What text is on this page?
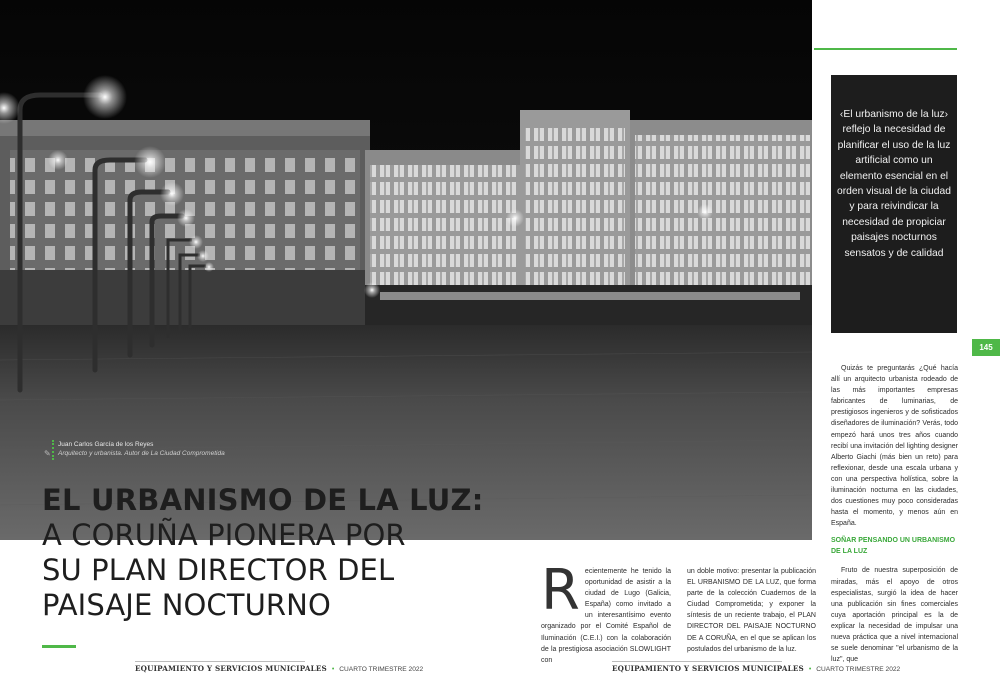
✎
Juan Carlos García de los Reyes
Arquitecto y urbanista. Autor de La Ciudad Comprometida
EL URBANISMO DE LA LUZ:
A CORUÑA PIONERA POR
SU PLAN DIRECTOR DEL
PAISAJE NOCTURNO	R ecientemente he tenido la oportunidad de asistir a la ciudad de Lugo (Galicia, España) como invitado a un interesantísimo evento organizado por el Comité Español de Iluminación (C.E.I.) con la colaboración de la prestigiosa asociación SLOWLIGHT con
un doble motivo: presentar la publicación EL URBANISMO DE LA LUZ, que forma parte de la colección Cuadernos de la Ciudad Comprometida; y exponer la síntesis de un reciente trabajo, el PLAN DIRECTOR DEL PAISAJE NOCTURNO DE A CORUÑA, en el que se aplican los postulados del urbanismo de la luz.
Quizás te preguntarás ¿Qué hacía allí un arquitecto urbanista rodeado de las más importantes empresas fabricantes de luminarias, de prestigiosos ingenieros y de sofisticados diseñadores de iluminación? Verás, todo empezó hará unos tres años cuando recibí una invitación del lighting designer Alberto Giachi (más bien un reto) para reflexionar, desde una escala urbana y con una perspectiva holística, sobre la iluminación nocturna en las ciudades, dos cuestiones muy poco consideradas hasta el momento, y menos aún en España.
SOÑAR PENSANDO UN URBANISMO DE LA LUZ
Fruto de nuestra superposición de miradas, más el apoyo de otros especialistas, surgió la idea de hacer una publicación sin fines comerciales cuya aportación principal es la de explicar la necesidad de impulsar una nueva práctica que a nivel internacional se suele denominar "el urbanismo de la luz", que
‹El urbanismo de la luz› reflejo la necesidad de planificar el uso de la luz artificial como un elemento esencial en el orden visual de la ciudad y para reivindicar la necesidad de propiciar paisajes nocturnos sensatos y de calidad
145
EQUIPAMIENTO Y SERVICIOS MUNICIPALES • CUARTO TRIMESTRE 2022	EQUIPAMIENTO Y SERVICIOS MUNICIPALES • CUARTO TRIMESTRE 2022
